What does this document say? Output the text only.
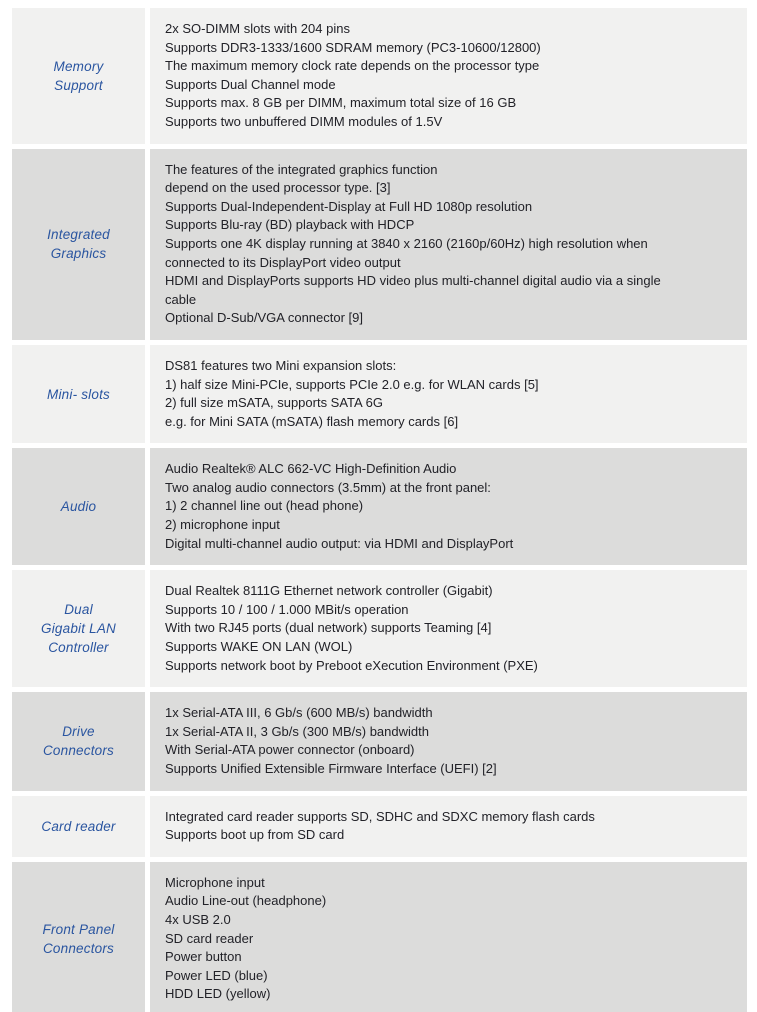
Memory
Support
2x SO-DIMM slots with 204 pins
Supports DDR3-1333/1600 SDRAM memory (PC3-10600/12800)
The maximum memory clock rate depends on the processor type
Supports Dual Channel mode
Supports max. 8 GB per DIMM, maximum total size of 16 GB
Supports two unbuffered DIMM modules of 1.5V
Integrated
Graphics
The features of the integrated graphics function
depend on the used processor type. [3]
Supports Dual-Independent-Display at Full HD 1080p resolution
Supports Blu-ray (BD) playback with HDCP
Supports one 4K display running at 3840 x 2160 (2160p/60Hz) high resolution when
connected to its DisplayPort video output
HDMI and DisplayPorts supports HD video plus multi-channel digital audio via a single
cable
Optional D-Sub/VGA connector [9]
Mini- slots
DS81 features two Mini expansion slots:
1) half size Mini-PCIe, supports PCIe 2.0 e.g. for WLAN cards [5]
2) full size mSATA, supports SATA 6G
e.g. for Mini SATA (mSATA) flash memory cards [6]
Audio
Audio Realtek® ALC 662-VC High-Definition Audio
Two analog audio connectors (3.5mm) at the front panel:
1) 2 channel line out (head phone)
2) microphone input
Digital multi-channel audio output: via HDMI and DisplayPort
Dual
Gigabit LAN
Controller
Dual Realtek 8111G Ethernet network controller (Gigabit)
Supports 10 / 100 / 1.000 MBit/s operation
With two RJ45 ports (dual network) supports Teaming [4]
Supports WAKE ON LAN (WOL)
Supports network boot by Preboot eXecution Environment (PXE)
Drive
Connectors
1x Serial-ATA III, 6 Gb/s (600 MB/s) bandwidth
1x Serial-ATA II, 3 Gb/s (300 MB/s) bandwidth
With Serial-ATA power connector (onboard)
Supports Unified Extensible Firmware Interface (UEFI) [2]
Card reader
Integrated card reader supports SD, SDHC and SDXC memory flash cards
Supports boot up from SD card
Front Panel
Connectors
Microphone input
Audio Line-out (headphone)
4x USB 2.0
SD card reader
Power button
Power LED (blue)
HDD LED (yellow)
